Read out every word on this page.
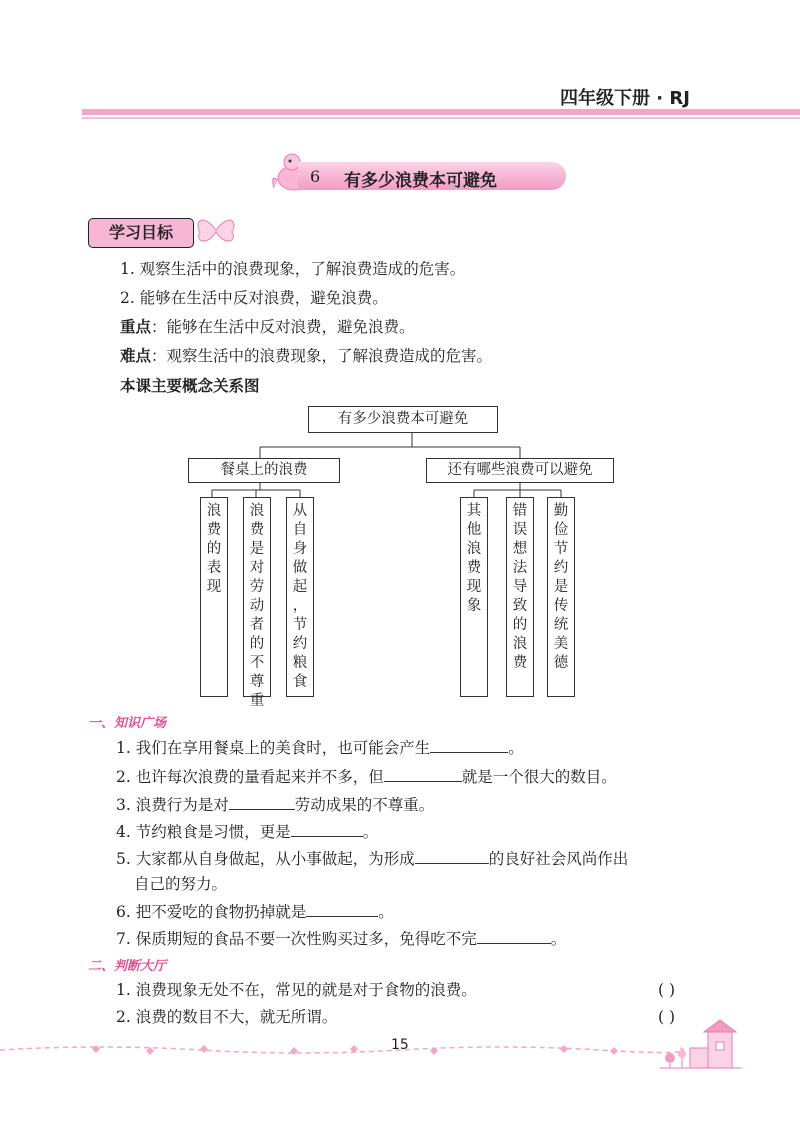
四年级下册 · RJ
6 有多少浪费本可避免
学习目标
1. 观察生活中的浪费现象，了解浪费造成的危害。
2. 能够在生活中反对浪费，避免浪费。
重点：能够在生活中反对浪费，避免浪费。
难点：观察生活中的浪费现象，了解浪费造成的危害。
本课主要概念关系图
有多少浪费本可避免
餐桌上的浪费	还有哪些浪费可以避免
浪
费
的
表
现
浪
费
是
对
劳
动
者
的
不
尊
重
从
自
身
做
起
，
节
约
粮
食
其
他
浪
费
现
象
错
误
想
法
导
致
的
浪
费
勤
俭
节
约
是
传
统
美
德
一、知识广场
1. 我们在享用餐桌上的美食时，也可能会产生	。
2. 也许每次浪费的量看起来并不多，但	就是一个很大的数目。
3. 浪费行为是对	劳动成果的不尊重。
4. 节约粮食是习惯，更是	。
5. 大家都从自身做起，从小事做起，为形成	的良好社会风尚作出
自己的努力。
6. 把不爱吃的食物扔掉就是	。
7. 保质期短的食品不要一次性购买过多，免得吃不完	。
二、判断大厅
1. 浪费现象无处不在，常见的就是对于食物的浪费。	( )
2. 浪费的数目不大，就无所谓。	( )
15
